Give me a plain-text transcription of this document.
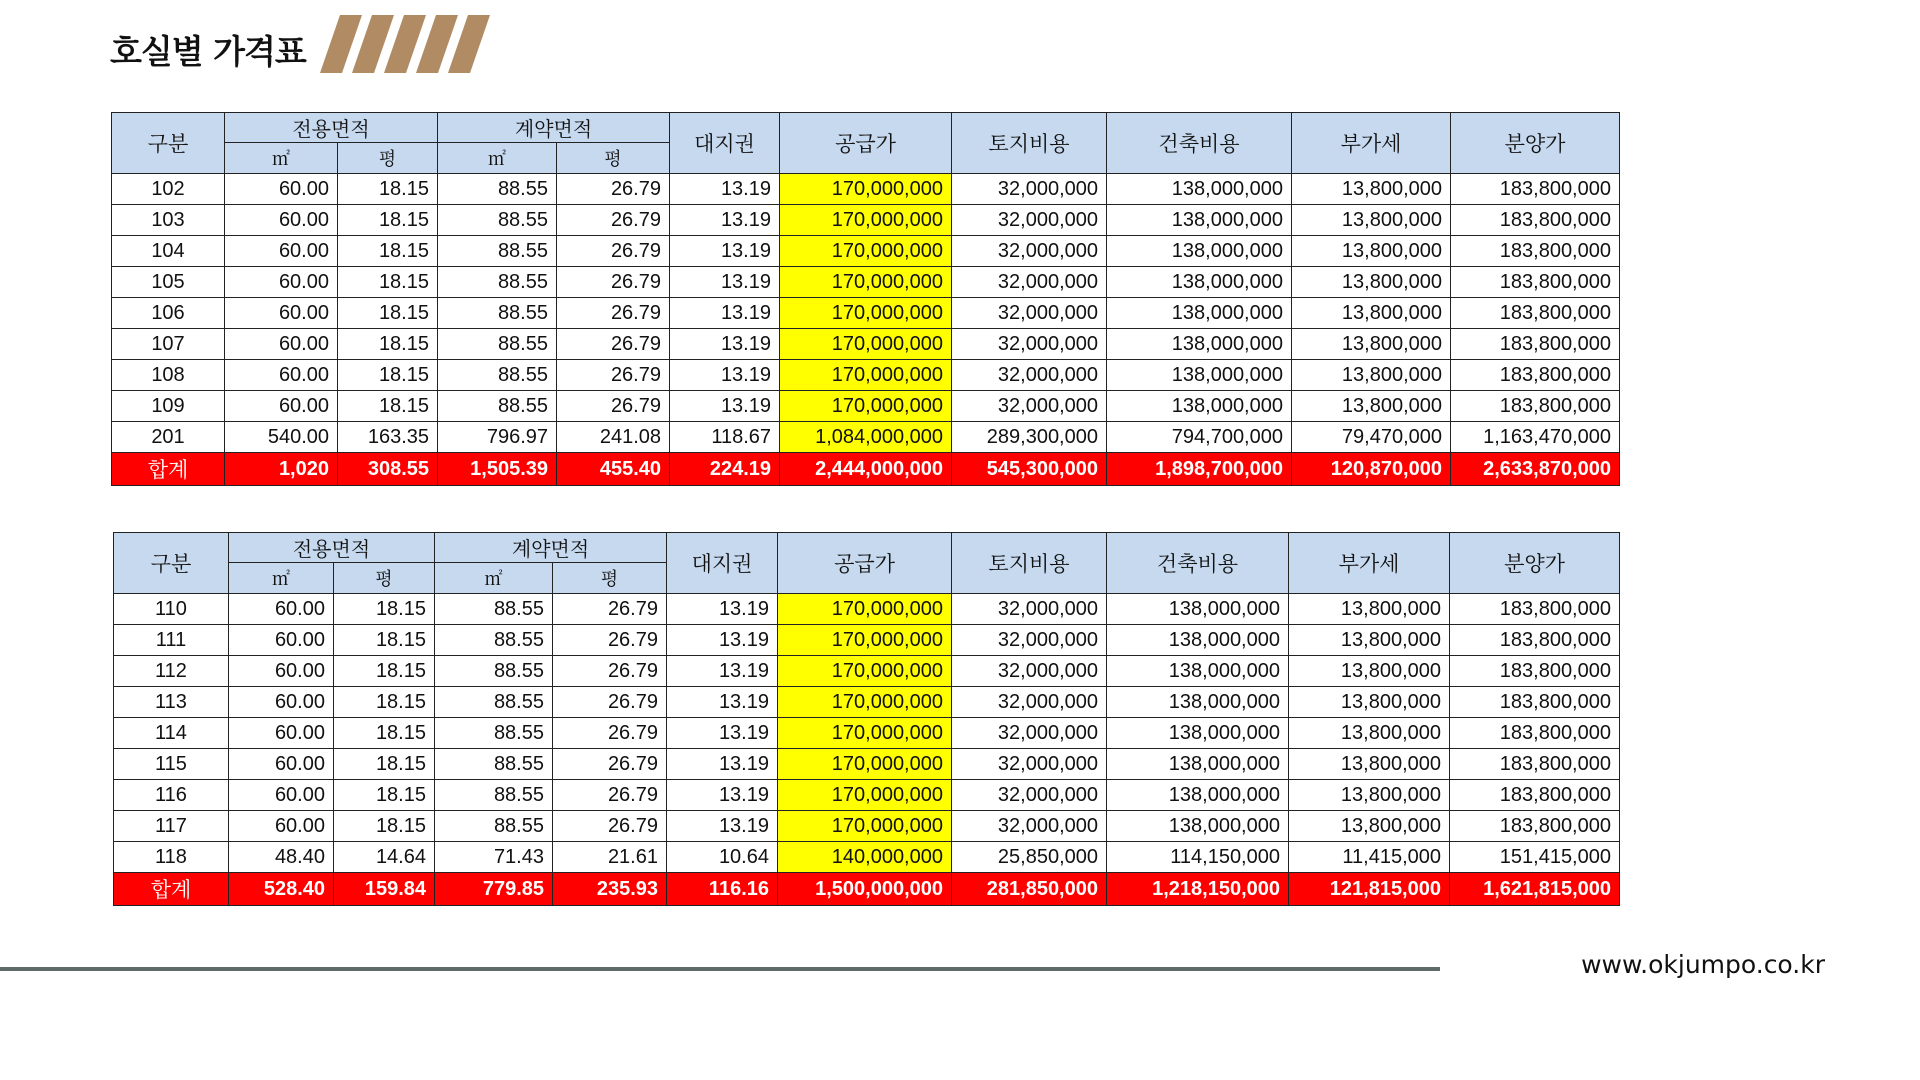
호실별 가격표
구분	전용면적		계약면적		대지권	공급가	토지비용	건축비용	부가세	분양가
	㎡	평	㎡	평						
102	60.00	18.15	88.55	26.79	13.19	170,000,000	32,000,000	138,000,000	13,800,000	183,800,000
103	60.00	18.15	88.55	26.79	13.19	170,000,000	32,000,000	138,000,000	13,800,000	183,800,000
104	60.00	18.15	88.55	26.79	13.19	170,000,000	32,000,000	138,000,000	13,800,000	183,800,000
105	60.00	18.15	88.55	26.79	13.19	170,000,000	32,000,000	138,000,000	13,800,000	183,800,000
106	60.00	18.15	88.55	26.79	13.19	170,000,000	32,000,000	138,000,000	13,800,000	183,800,000
107	60.00	18.15	88.55	26.79	13.19	170,000,000	32,000,000	138,000,000	13,800,000	183,800,000
108	60.00	18.15	88.55	26.79	13.19	170,000,000	32,000,000	138,000,000	13,800,000	183,800,000
109	60.00	18.15	88.55	26.79	13.19	170,000,000	32,000,000	138,000,000	13,800,000	183,800,000
201	540.00	163.35	796.97	241.08	118.67	1,084,000,000	289,300,000	794,700,000	79,470,000	1,163,470,000
합계	1,020	308.55	1,505.39	455.40	224.19	2,444,000,000	545,300,000	1,898,700,000	120,870,000	2,633,870,000
구분	전용면적		계약면적		대지권	공급가	토지비용	건축비용	부가세	분양가
	㎡	평	㎡	평						
110	60.00	18.15	88.55	26.79	13.19	170,000,000	32,000,000	138,000,000	13,800,000	183,800,000
111	60.00	18.15	88.55	26.79	13.19	170,000,000	32,000,000	138,000,000	13,800,000	183,800,000
112	60.00	18.15	88.55	26.79	13.19	170,000,000	32,000,000	138,000,000	13,800,000	183,800,000
113	60.00	18.15	88.55	26.79	13.19	170,000,000	32,000,000	138,000,000	13,800,000	183,800,000
114	60.00	18.15	88.55	26.79	13.19	170,000,000	32,000,000	138,000,000	13,800,000	183,800,000
115	60.00	18.15	88.55	26.79	13.19	170,000,000	32,000,000	138,000,000	13,800,000	183,800,000
116	60.00	18.15	88.55	26.79	13.19	170,000,000	32,000,000	138,000,000	13,800,000	183,800,000
117	60.00	18.15	88.55	26.79	13.19	170,000,000	32,000,000	138,000,000	13,800,000	183,800,000
118	48.40	14.64	71.43	21.61	10.64	140,000,000	25,850,000	114,150,000	11,415,000	151,415,000
합계	528.40	159.84	779.85	235.93	116.16	1,500,000,000	281,850,000	1,218,150,000	121,815,000	1,621,815,000
www.okjumpo.co.kr
